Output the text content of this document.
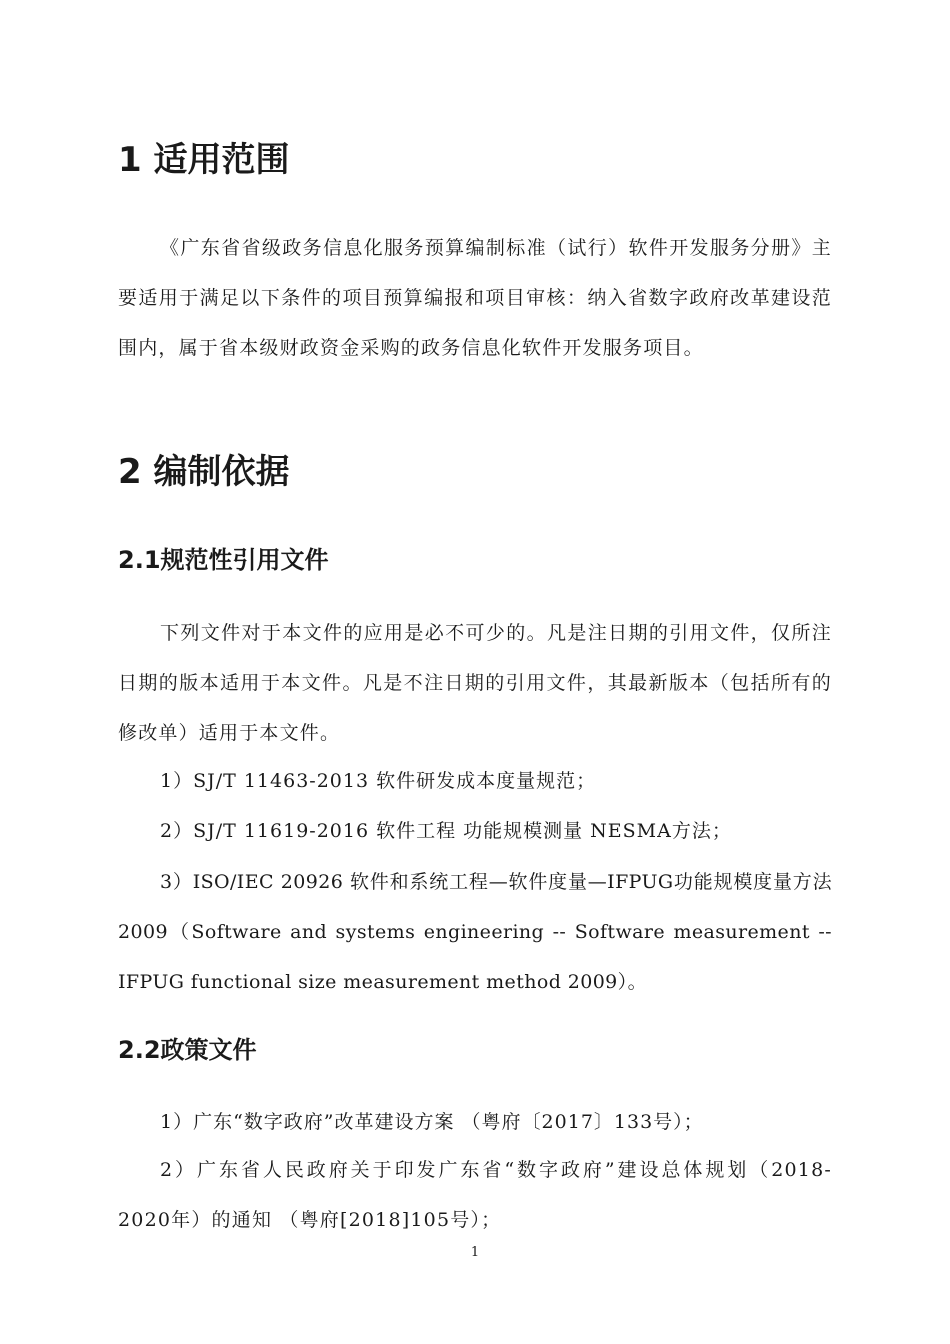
1 适用范围

《广东省省级政务信息化服务预算编制标准（试行）软件开发服务分册》主要适用于满足以下条件的项目预算编报和项目审核：纳入省数字政府改革建设范围内，属于省本级财政资金采购的政务信息化软件开发服务项目。

2 编制依据
2.1规范性引用文件

下列文件对于本文件的应用是必不可少的。凡是注日期的引用文件，仅所注日期的版本适用于本文件。凡是不注日期的引用文件，其最新版本（包括所有的修改单）适用于本文件。

1）SJ/T 11463-2013 软件研发成本度量规范；

2）SJ/T 11619-2016 软件工程 功能规模测量 NESMA方法；

3）ISO/IEC 20926 软件和系统工程—软件度量—IFPUG功能规模度量方法2009（Software and systems engineering -- Software measurement -- IFPUG functional size measurement method 2009）。

2.2政策文件

1）广东“数字政府”改革建设方案 （粤府〔2017〕133号）；

2）广东省人民政府关于印发广东省“数字政府”建设总体规划（2018-2020年）的通知 （粤府[2018]105号）；

1
